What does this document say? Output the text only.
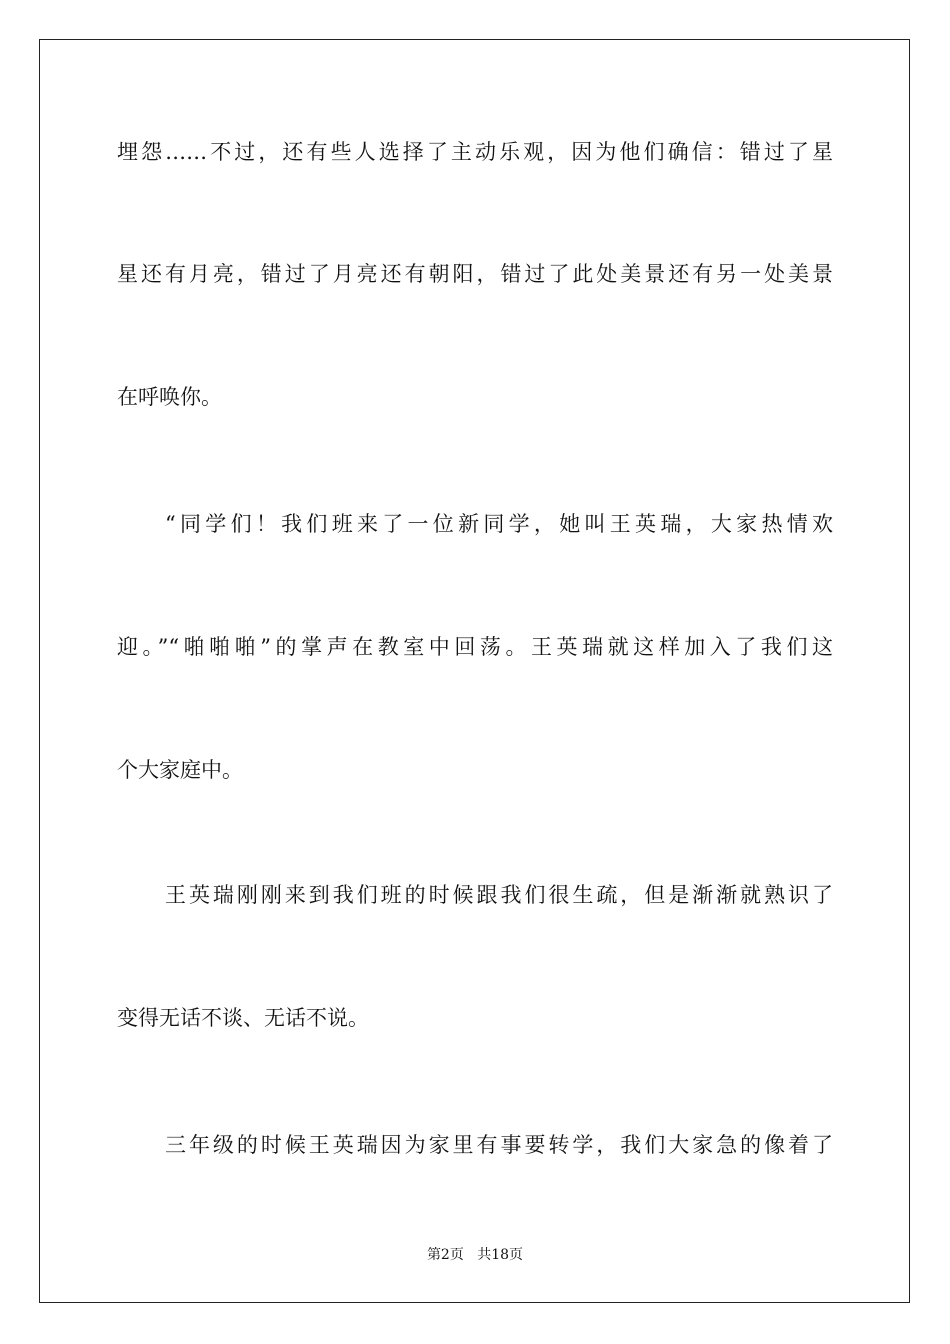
埋怨……不过，还有些人选择了主动乐观，因为他们确信：错过了星
星还有月亮，错过了月亮还有朝阳，错过了此处美景还有另一处美景
在呼唤你。
“同学们！我们班来了一位新同学，她叫王英瑞，大家热情欢
迎。”“啪啪啪”的掌声在教室中回荡。王英瑞就这样加入了我们这
个大家庭中。
王英瑞刚刚来到我们班的时候跟我们很生疏，但是渐渐就熟识了
变得无话不谈、无话不说。
三年级的时候王英瑞因为家里有事要转学，我们大家急的像着了
第2页 共18页
